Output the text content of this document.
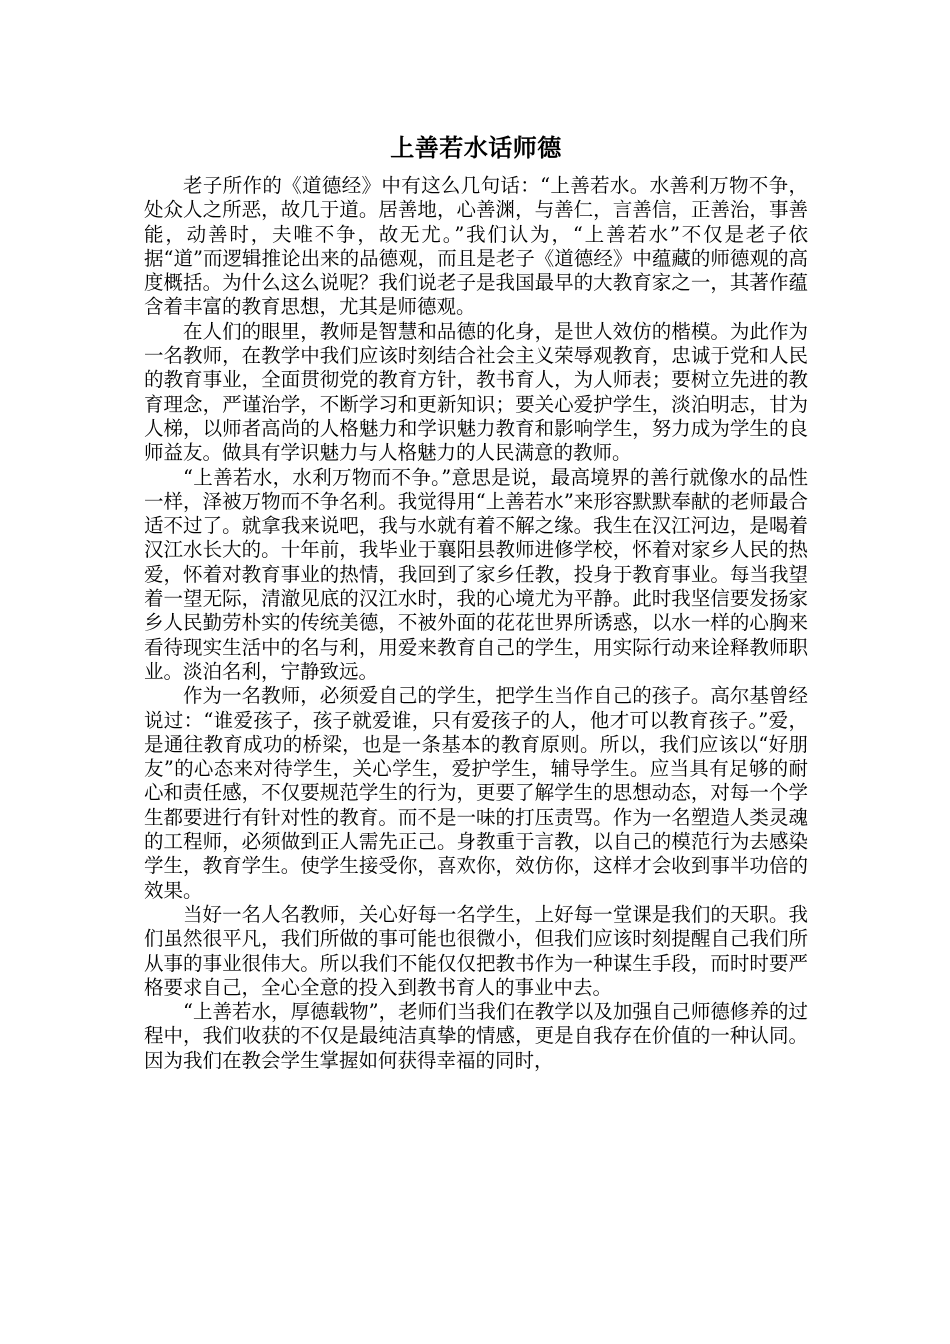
上善若水话师德

老子所作的《道德经》中有这么几句话：“上善若水。水善利万物不争，处众人之所恶，故几于道。居善地，心善渊，与善仁，言善信，正善治，事善能，动善时，夫唯不争，故无尤。”我们认为，“上善若水”不仅是老子依据“道”而逻辑推论出来的品德观，而且是老子《道德经》中蕴藏的师德观的高度概括。为什么这么说呢？我们说老子是我国最早的大教育家之一，其著作蕴含着丰富的教育思想，尤其是师德观。

在人们的眼里，教师是智慧和品德的化身，是世人效仿的楷模。为此作为一名教师，在教学中我们应该时刻结合社会主义荣辱观教育，忠诚于党和人民的教育事业，全面贯彻党的教育方针，教书育人，为人师表；要树立先进的教育理念，严谨治学，不断学习和更新知识；要关心爱护学生，淡泊明志，甘为人梯，以师者高尚的人格魅力和学识魅力教育和影响学生，努力成为学生的良师益友。做具有学识魅力与人格魅力的人民满意的教师。

“上善若水，水利万物而不争。”意思是说，最高境界的善行就像水的品性一样，泽被万物而不争名利。我觉得用“上善若水”来形容默默奉献的老师最合适不过了。就拿我来说吧，我与水就有着不解之缘。我生在汉江河边，是喝着汉江水长大的。十年前，我毕业于襄阳县教师进修学校，怀着对家乡人民的热爱，怀着对教育事业的热情，我回到了家乡任教，投身于教育事业。每当我望着一望无际，清澈见底的汉江水时，我的心境尤为平静。此时我坚信要发扬家乡人民勤劳朴实的传统美德，不被外面的花花世界所诱惑，以水一样的心胸来看待现实生活中的名与利，用爱来教育自己的学生，用实际行动来诠释教师职业。淡泊名利，宁静致远。

作为一名教师，必须爱自己的学生，把学生当作自己的孩子。高尔基曾经说过：“谁爱孩子，孩子就爱谁，只有爱孩子的人，他才可以教育孩子。”爱，是通往教育成功的桥梁，也是一条基本的教育原则。所以，我们应该以“好朋友”的心态来对待学生，关心学生，爱护学生，辅导学生。应当具有足够的耐心和责任感，不仅要规范学生的行为，更要了解学生的思想动态，对每一个学生都要进行有针对性的教育。而不是一味的打压责骂。作为一名塑造人类灵魂的工程师，必须做到正人需先正己。身教重于言教，以自己的模范行为去感染学生，教育学生。使学生接受你，喜欢你，效仿你，这样才会收到事半功倍的效果。

当好一名人名教师，关心好每一名学生，上好每一堂课是我们的天职。我们虽然很平凡，我们所做的事可能也很微小，但我们应该时刻提醒自己我们所从事的事业很伟大。所以我们不能仅仅把教书作为一种谋生手段，而时时要严格要求自己，全心全意的投入到教书育人的事业中去。

“上善若水，厚德载物”，老师们当我们在教学以及加强自己师德修养的过程中，我们收获的不仅是最纯洁真挚的情感，更是自我存在价值的一种认同。因为我们在教会学生掌握如何获得幸福的同时，
